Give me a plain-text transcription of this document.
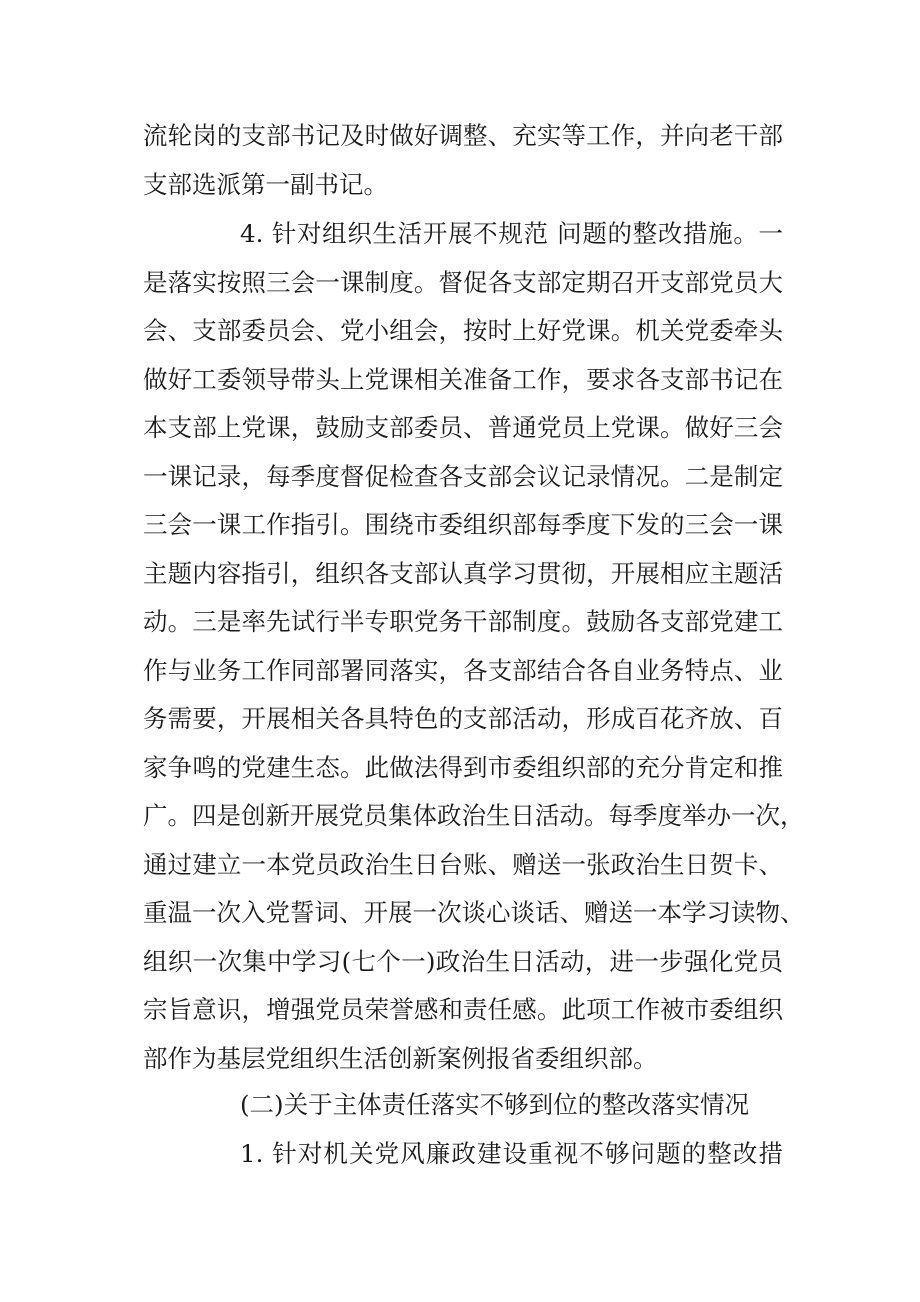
流轮岗的支部书记及时做好调整、充实等工作，并向老干部
支部选派第一副书记。
4. 针对组织生活开展不规范 问题的整改措施。一
是落实按照三会一课制度。督促各支部定期召开支部党员大
会、支部委员会、党小组会，按时上好党课。机关党委牵头
做好工委领导带头上党课相关准备工作，要求各支部书记在
本支部上党课，鼓励支部委员、普通党员上党课。做好三会
一课记录，每季度督促检查各支部会议记录情况。二是制定
三会一课工作指引。围绕市委组织部每季度下发的三会一课
主题内容指引，组织各支部认真学习贯彻，开展相应主题活
动。三是率先试行半专职党务干部制度。鼓励各支部党建工
作与业务工作同部署同落实，各支部结合各自业务特点、业
务需要，开展相关各具特色的支部活动，形成百花齐放、百
家争鸣的党建生态。此做法得到市委组织部的充分肯定和推
广。四是创新开展党员集体政治生日活动。每季度举办一次，
通过建立一本党员政治生日台账、赠送一张政治生日贺卡、
重温一次入党誓词、开展一次谈心谈话、赠送一本学习读物、
组织一次集中学习(七个一)政治生日活动，进一步强化党员
宗旨意识，增强党员荣誉感和责任感。此项工作被市委组织
部作为基层党组织生活创新案例报省委组织部。
(二)关于主体责任落实不够到位的整改落实情况
1. 针对机关党风廉政建设重视不够问题的整改措
